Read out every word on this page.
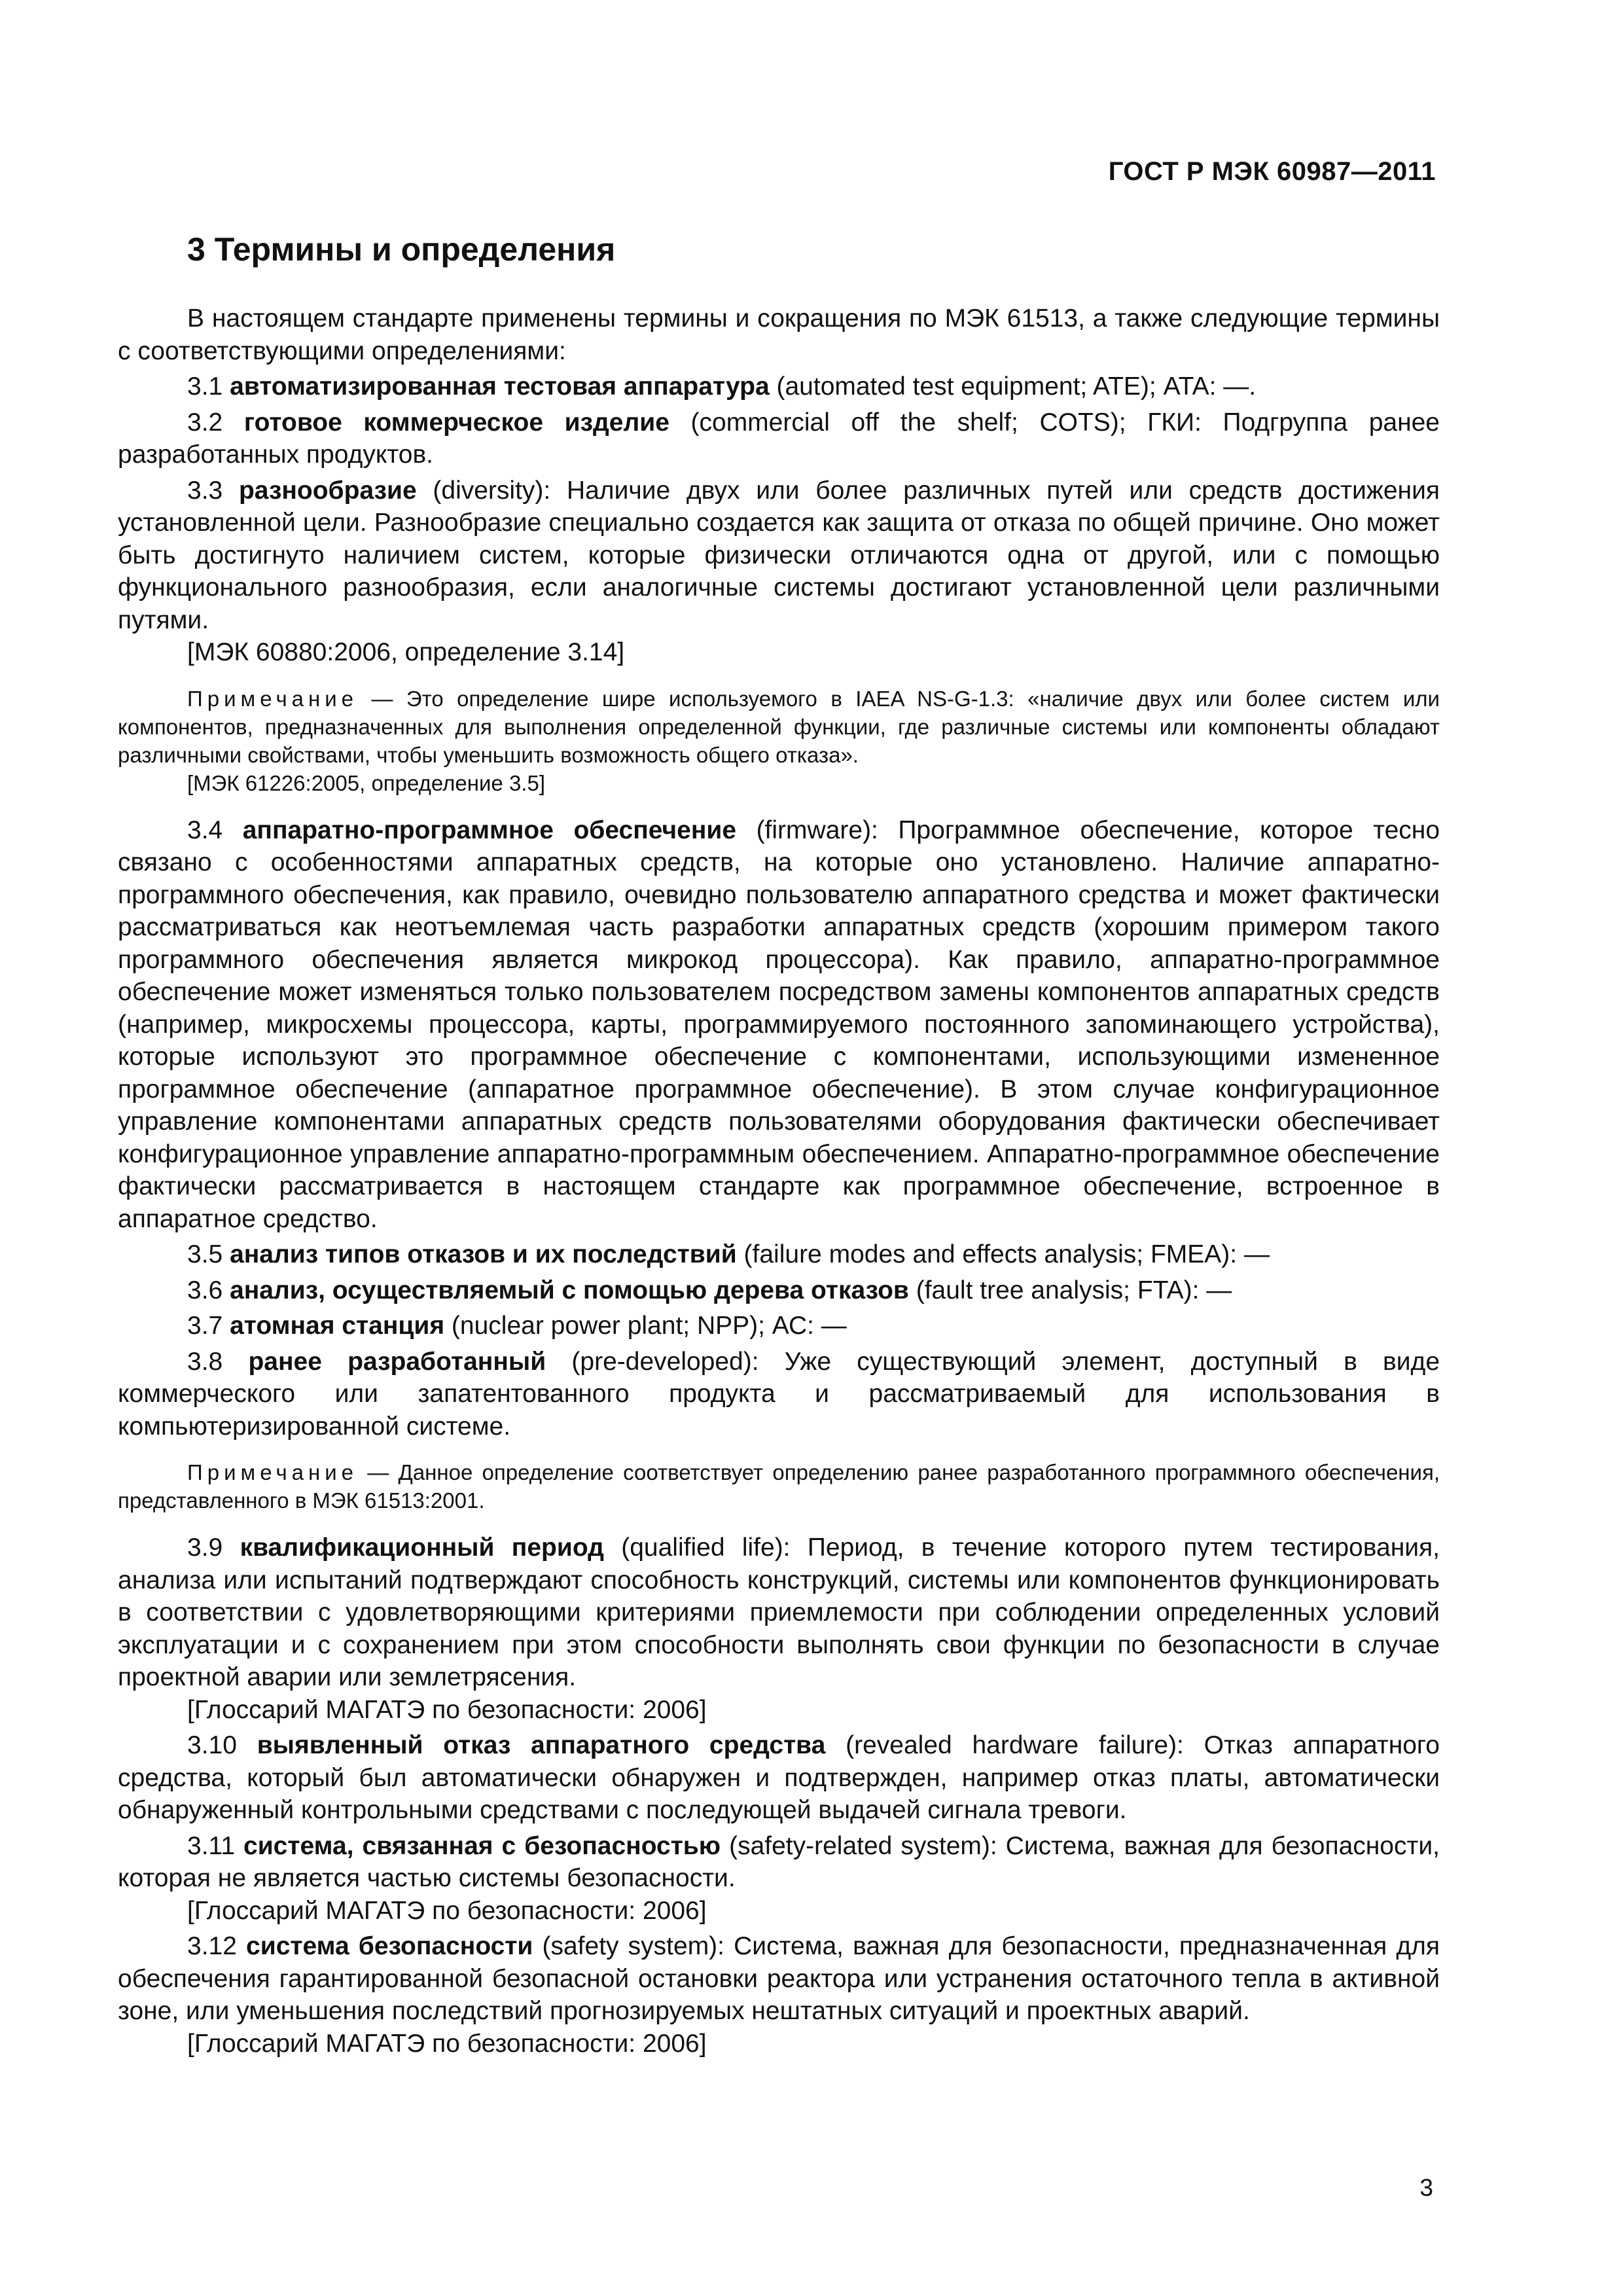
ГОСТ Р МЭК 60987—2011
3 Термины и определения

В настоящем стандарте применены термины и сокращения по МЭК 61513, а также следующие термины с соответствующими определениями:

3.1 автоматизированная тестовая аппаратура (automated test equipment; ATE); ATA: —.

3.2 готовое коммерческое изделие (commercial off the shelf; COTS); ГКИ: Подгруппа ранее разработанных продуктов.

3.3 разнообразие (diversity): Наличие двух или более различных путей или средств достижения установленной цели. Разнообразие специально создается как защита от отказа по общей причине. Оно может быть достигнуто наличием систем, которые физически отличаются одна от другой, или с помощью функционального разнообразия, если аналогичные системы достигают установленной цели различными путями.

[МЭК 60880:2006, определение 3.14]

Примечание — Это определение шире используемого в IAEA NS-G-1.3: «наличие двух или более систем или компонентов, предназначенных для выполнения определенной функции, где различные системы или компоненты обладают различными свойствами, чтобы уменьшить возможность общего отказа».

[МЭК 61226:2005, определение 3.5]

3.4 аппаратно-программное обеспечение (firmware): Программное обеспечение, которое тесно связано с особенностями аппаратных средств, на которые оно установлено. Наличие аппаратно-программного обеспечения, как правило, очевидно пользователю аппаратного средства и может фактически рассматриваться как неотъемлемая часть разработки аппаратных средств (хорошим примером такого программного обеспечения является микрокод процессора). Как правило, аппаратно-программное обеспечение может изменяться только пользователем посредством замены компонентов аппаратных средств (например, микросхемы процессора, карты, программируемого постоянного запоминающего устройства), которые используют это программное обеспечение с компонентами, использующими измененное программное обеспечение (аппаратное программное обеспечение). В этом случае конфигурационное управление компонентами аппаратных средств пользователями оборудования фактически обеспечивает конфигурационное управление аппаратно-программным обеспечением. Аппаратно-программное обеспечение фактически рассматривается в настоящем стандарте как программное обеспечение, встроенное в аппаратное средство.

3.5 анализ типов отказов и их последствий (failure modes and effects analysis; FMEA): —

3.6 анализ, осуществляемый с помощью дерева отказов (fault tree analysis; FTA): —

3.7 атомная станция (nuclear power plant; NPP); АС: —

3.8 ранее разработанный (pre-developed): Уже существующий элемент, доступный в виде коммерческого или запатентованного продукта и рассматриваемый для использования в компьютеризированной системе.

Примечание — Данное определение соответствует определению ранее разработанного программного обеспечения, представленного в МЭК 61513:2001.

3.9 квалификационный период (qualified life): Период, в течение которого путем тестирования, анализа или испытаний подтверждают способность конструкций, системы или компонентов функционировать в соответствии с удовлетворяющими критериями приемлемости при соблюдении определенных условий эксплуатации и с сохранением при этом способности выполнять свои функции по безопасности в случае проектной аварии или землетрясения.

[Глоссарий МАГАТЭ по безопасности: 2006]

3.10 выявленный отказ аппаратного средства (revealed hardware failure): Отказ аппаратного средства, который был автоматически обнаружен и подтвержден, например отказ платы, автоматически обнаруженный контрольными средствами с последующей выдачей сигнала тревоги.

3.11 система, связанная с безопасностью (safety-related system): Система, важная для безопасности, которая не является частью системы безопасности.

[Глоссарий МАГАТЭ по безопасности: 2006]

3.12 система безопасности (safety system): Система, важная для безопасности, предназначенная для обеспечения гарантированной безопасной остановки реактора или устранения остаточного тепла в активной зоне, или уменьшения последствий прогнозируемых нештатных ситуаций и проектных аварий.

[Глоссарий МАГАТЭ по безопасности: 2006]

3
